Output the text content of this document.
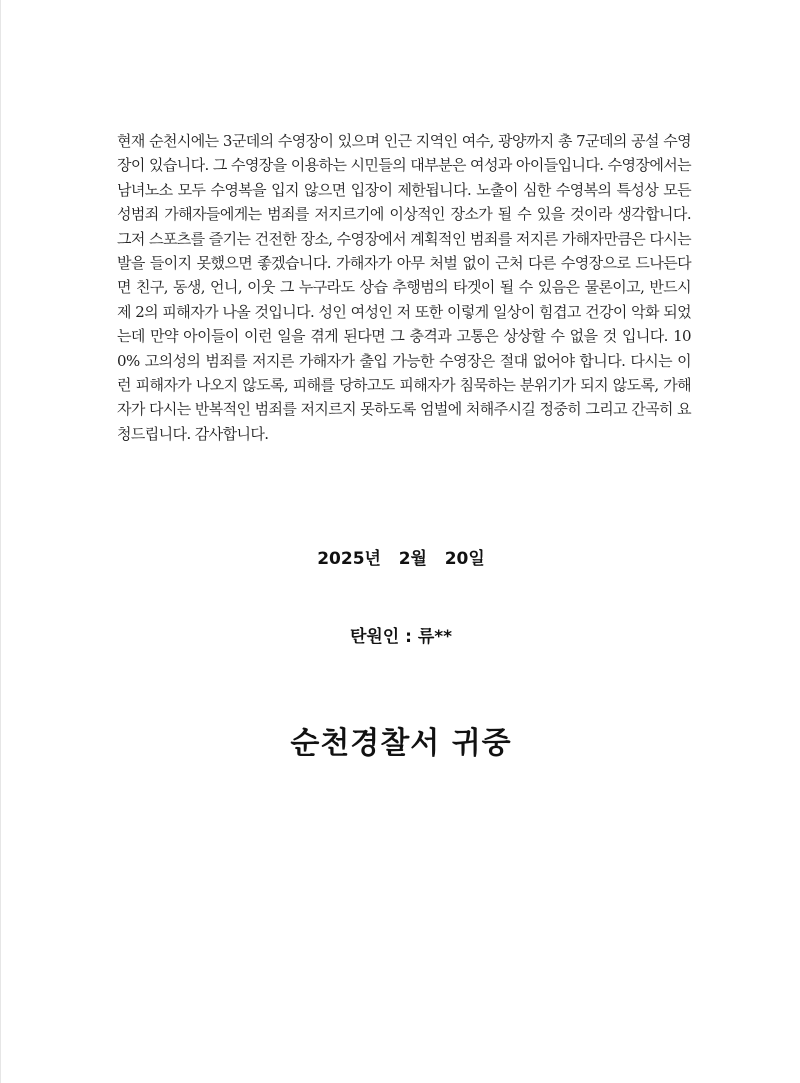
현재 순천시에는 3군데의 수영장이 있으며 인근 지역인 여수, 광양까지 총 7군데의 공설 수영장이 있습니다. 그 수영장을 이용하는 시민들의 대부분은 여성과 아이들입니다. 수영장에서는 남녀노소 모두 수영복을 입지 않으면 입장이 제한됩니다. 노출이 심한 수영복의 특성상 모든 성범죄 가해자들에게는 범죄를 저지르기에 이상적인 장소가 될 수 있을 것이라 생각합니다. 그저 스포츠를 즐기는 건전한 장소, 수영장에서 계획적인 범죄를 저지른 가해자만큼은 다시는 발을 들이지 못했으면 좋겠습니다. 가해자가 아무 처벌 없이 근처 다른 수영장으로 드나든다면 친구, 동생, 언니, 이웃 그 누구라도 상습 추행범의 타겟이 될 수 있음은 물론이고, 반드시 제 2의 피해자가 나올 것입니다. 성인 여성인 저 또한 이렇게 일상이 힘겹고 건강이 악화 되었는데 만약 아이들이 이런 일을 겪게 된다면 그 충격과 고통은 상상할 수 없을 것 입니다. 100% 고의성의 범죄를 저지른 가해자가 출입 가능한 수영장은 절대 없어야 합니다. 다시는 이런 피해자가 나오지 않도록, 피해를 당하고도 피해자가 침묵하는 분위기가 되지 않도록, 가해자가 다시는 반복적인 범죄를 저지르지 못하도록 엄벌에 처해주시길 정중히 그리고 간곡히 요청드립니다. 감사합니다.

2025년   2월   20일
탄원인 : 류**
순천경찰서 귀중
